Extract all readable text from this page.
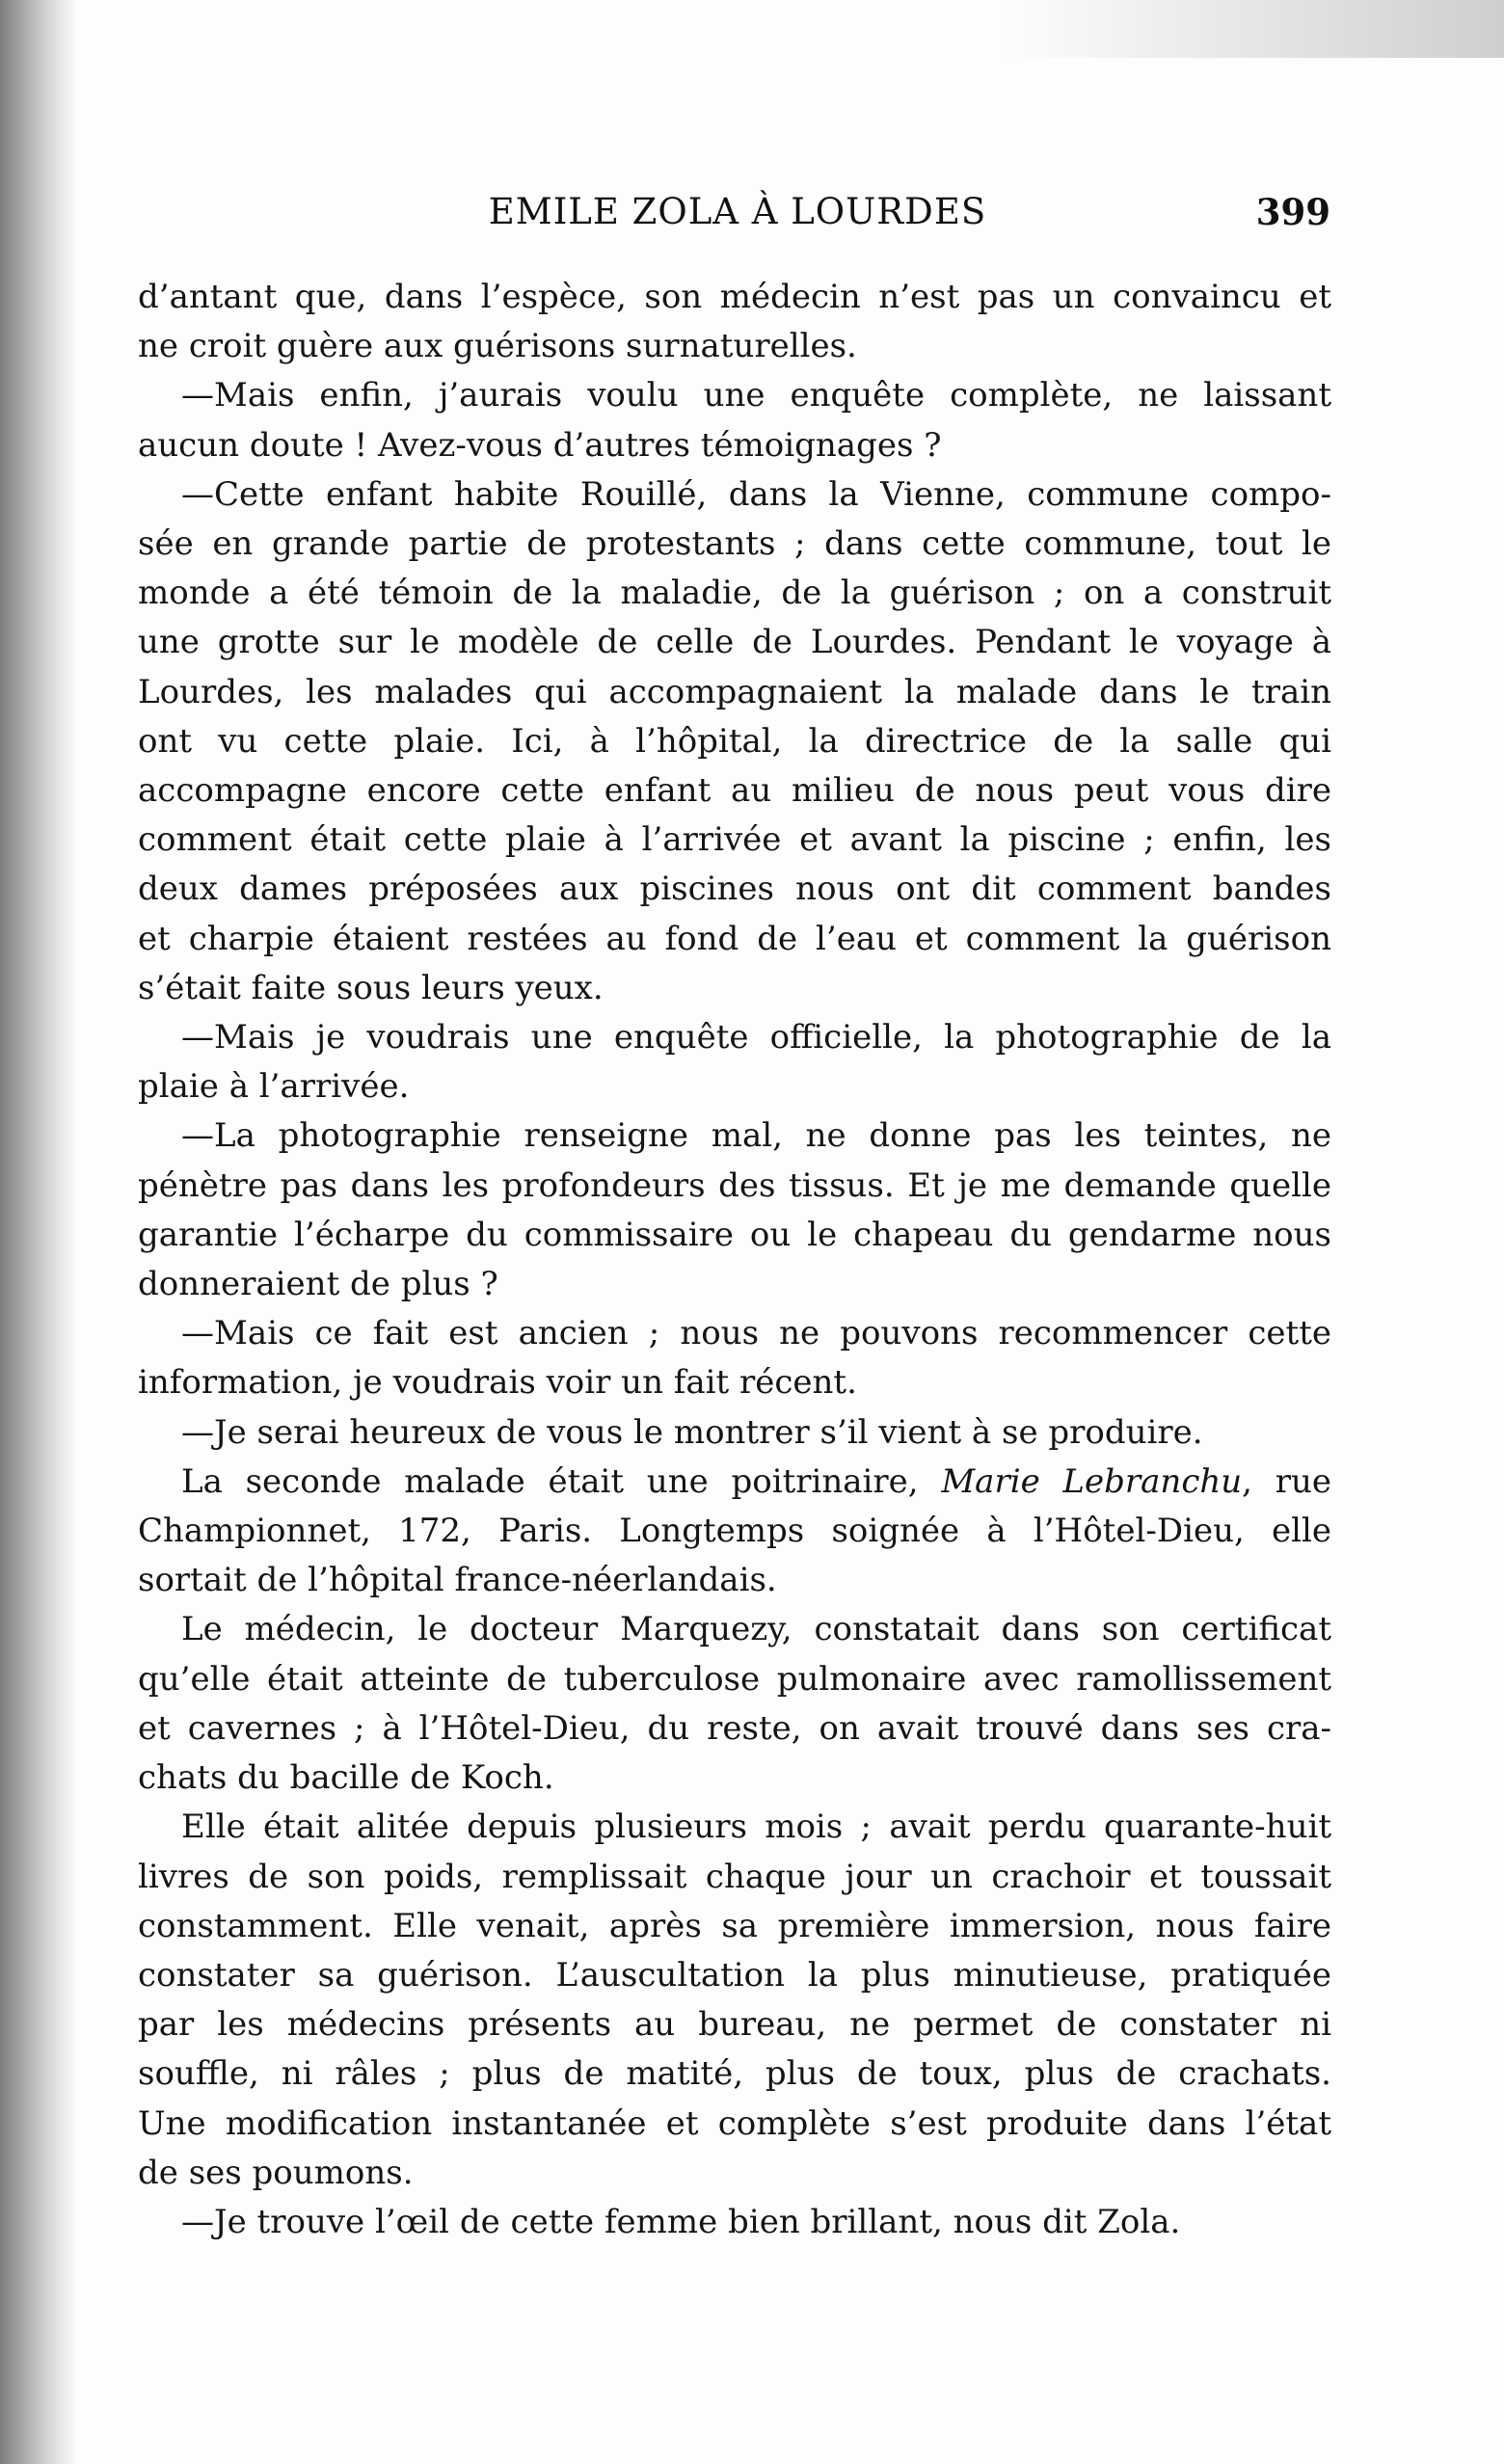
EMILE ZOLA À LOURDES	399
d’antant que, dans l’espèce, son médecin n’est pas un convaincu et
ne croit guère aux guérisons surnaturelles.
—Mais enfin, j’aurais voulu une enquête complète, ne laissant
aucun doute ! Avez-vous d’autres témoignages ?
—Cette enfant habite Rouillé, dans la Vienne, commune compo-
sée en grande partie de protestants ; dans cette commune, tout le
monde a été témoin de la maladie, de la guérison ; on a construit
une grotte sur le modèle de celle de Lourdes. Pendant le voyage à
Lourdes, les malades qui accompagnaient la malade dans le train
ont vu cette plaie. Ici, à l’hôpital, la directrice de la salle qui
accompagne encore cette enfant au milieu de nous peut vous dire
comment était cette plaie à l’arrivée et avant la piscine ; enfin, les
deux dames préposées aux piscines nous ont dit comment bandes
et charpie étaient restées au fond de l’eau et comment la guérison
s’était faite sous leurs yeux.
—Mais je voudrais une enquête officielle, la photographie de la
plaie à l’arrivée.
—La photographie renseigne mal, ne donne pas les teintes, ne
pénètre pas dans les profondeurs des tissus. Et je me demande quelle
garantie l’écharpe du commissaire ou le chapeau du gendarme nous
donneraient de plus ?
—Mais ce fait est ancien ; nous ne pouvons recommencer cette
information, je voudrais voir un fait récent.
—Je serai heureux de vous le montrer s’il vient à se produire.
La seconde malade était une poitrinaire, Marie Lebranchu, rue
Championnet, 172, Paris. Longtemps soignée à l’Hôtel-Dieu, elle
sortait de l’hôpital france-néerlandais.
Le médecin, le docteur Marquezy, constatait dans son certificat
qu’elle était atteinte de tuberculose pulmonaire avec ramollissement
et cavernes ; à l’Hôtel-Dieu, du reste, on avait trouvé dans ses cra-
chats du bacille de Koch.
Elle était alitée depuis plusieurs mois ; avait perdu quarante-huit
livres de son poids, remplissait chaque jour un crachoir et toussait
constamment. Elle venait, après sa première immersion, nous faire
constater sa guérison. L’auscultation la plus minutieuse, pratiquée
par les médecins présents au bureau, ne permet de constater ni
souffle, ni râles ; plus de matité, plus de toux, plus de crachats.
Une modification instantanée et complète s’est produite dans l’état
de ses poumons.
—Je trouve l’œil de cette femme bien brillant, nous dit Zola.
